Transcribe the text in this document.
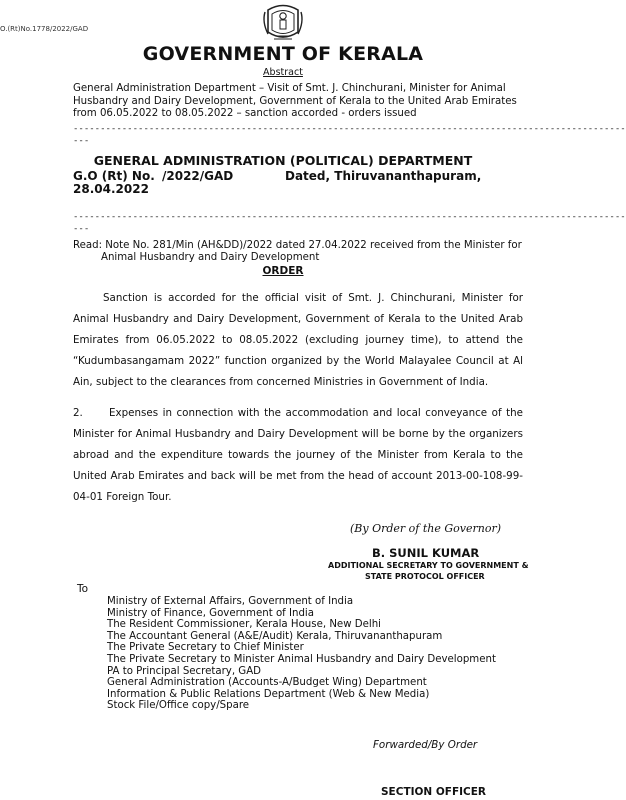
O.(Rt)No.1778/2022/GAD
GOVERNMENT OF KERALA
Abstract
General Administration Department – Visit of Smt. J. Chinchurani, Minister for Animal Husbandry and Dairy Development, Government of Kerala to the United Arab Emirates from 06.05.2022 to 08.05.2022 – sanction accorded - orders issued
------------------------------------------------------------------------------------------------------
---
GENERAL ADMINISTRATION (POLITICAL) DEPARTMENT
G.O (Rt) No. /2022/GAD	Dated, Thiruvananthapuram,
28.04.2022
------------------------------------------------------------------------------------------------------
---
Read: Note No. 281/Min (AH&DD)/2022 dated 27.04.2022 received from the Minister for
Animal Husbandry and Dairy Development
ORDER
Sanction is accorded for the official visit of Smt. J. Chinchurani, Minister for Animal Husbandry and Dairy Development, Government of Kerala to the United Arab Emirates from 06.05.2022 to 08.05.2022 (excluding journey time), to attend the “Kudumbasangamam 2022” function organized by the World Malayalee Council at Al Ain, subject to the clearances from concerned Ministries in Government of India.
2.	Expenses in connection with the accommodation and local conveyance of the Minister for Animal Husbandry and Dairy Development will be borne by the organizers abroad and the expenditure towards the journey of the Minister from Kerala to the United Arab Emirates and back will be met from the head of account 2013-00-108-99-04-01 Foreign Tour.
(By Order of the Governor)
B. SUNIL KUMAR
ADDITIONAL SECRETARY TO GOVERNMENT &
STATE PROTOCOL OFFICER
To
Ministry of External Affairs, Government of India
Ministry of Finance, Government of India
The Resident Commissioner, Kerala House, New Delhi
The Accountant General (A&E/Audit) Kerala, Thiruvananthapuram
The Private Secretary to Chief Minister
The Private Secretary to Minister Animal Husbandry and Dairy Development
PA to Principal Secretary, GAD
General Administration (Accounts-A/Budget Wing) Department
Information & Public Relations Department (Web & New Media)
Stock File/Office copy/Spare
Forwarded/By Order
SECTION OFFICER
